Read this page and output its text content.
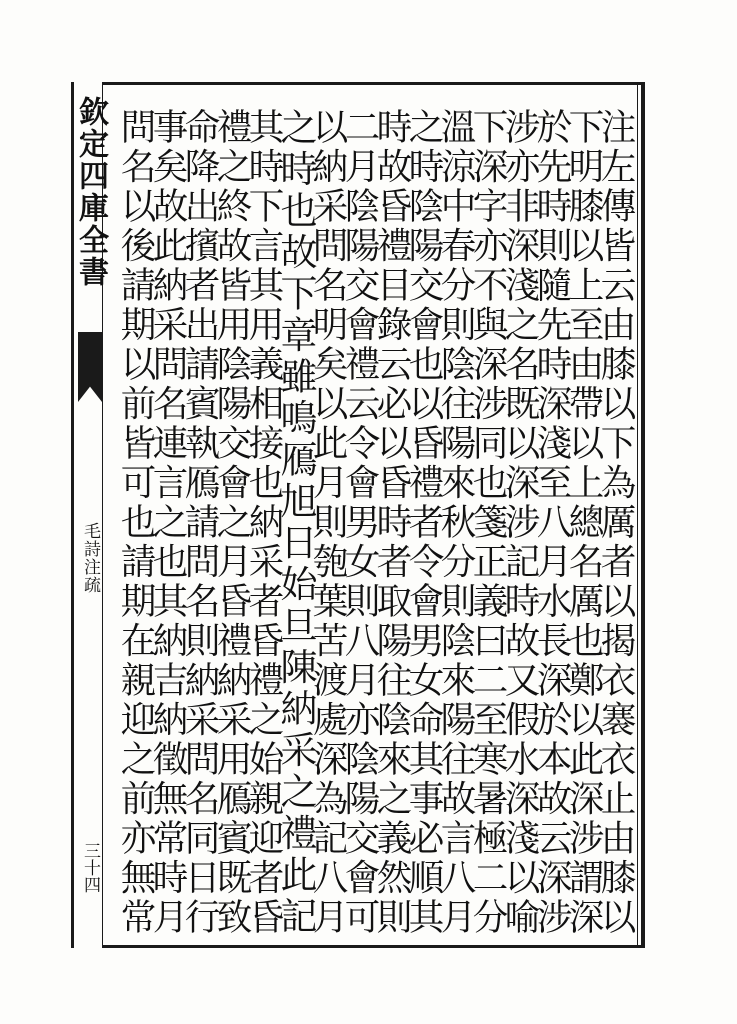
欽定四庫全書
毛詩注疏
三十四	注左傳皆云由膝以下為厲者以揭衣褰衣止由膝以
下明膝以上至由帶以上總名厲也鄭以此深涉謂深
於先時則隨先時深淺至八月水長深於本故云深涉
涉亦非深淺之名既以深涉記時故又假水深淺以喻
下深字亦不與深涉同也箋正義曰二至寒暑極二分
溫涼中春分則陰往陽來秋分則陰來陽往故言八月
之時陰陽交會也以昏禮者令會男女命其事必順其
時故昏禮目錄云必以昏時者取陽往陰來之義然則
二月陰陽交會禮云令會男女則八月亦陰陽交會可
以納采問名明矣以此月則匏葉苦渡處深為記八月
之時也故下章雖鳴鴈旭日始旦陳納采之禮此記
其時下言其用義相接也納采者昏禮之始親迎者昏
禮之終故皆用陰陽交會之月昏禮納采用鴈賓既致
命降出擯者出請賓執鴈請問名則納采問名同日行
事矣故此納采問名連言之也其納吉納徵無常時月
問名以後請期以前皆可也請期在親迎之前亦無常
